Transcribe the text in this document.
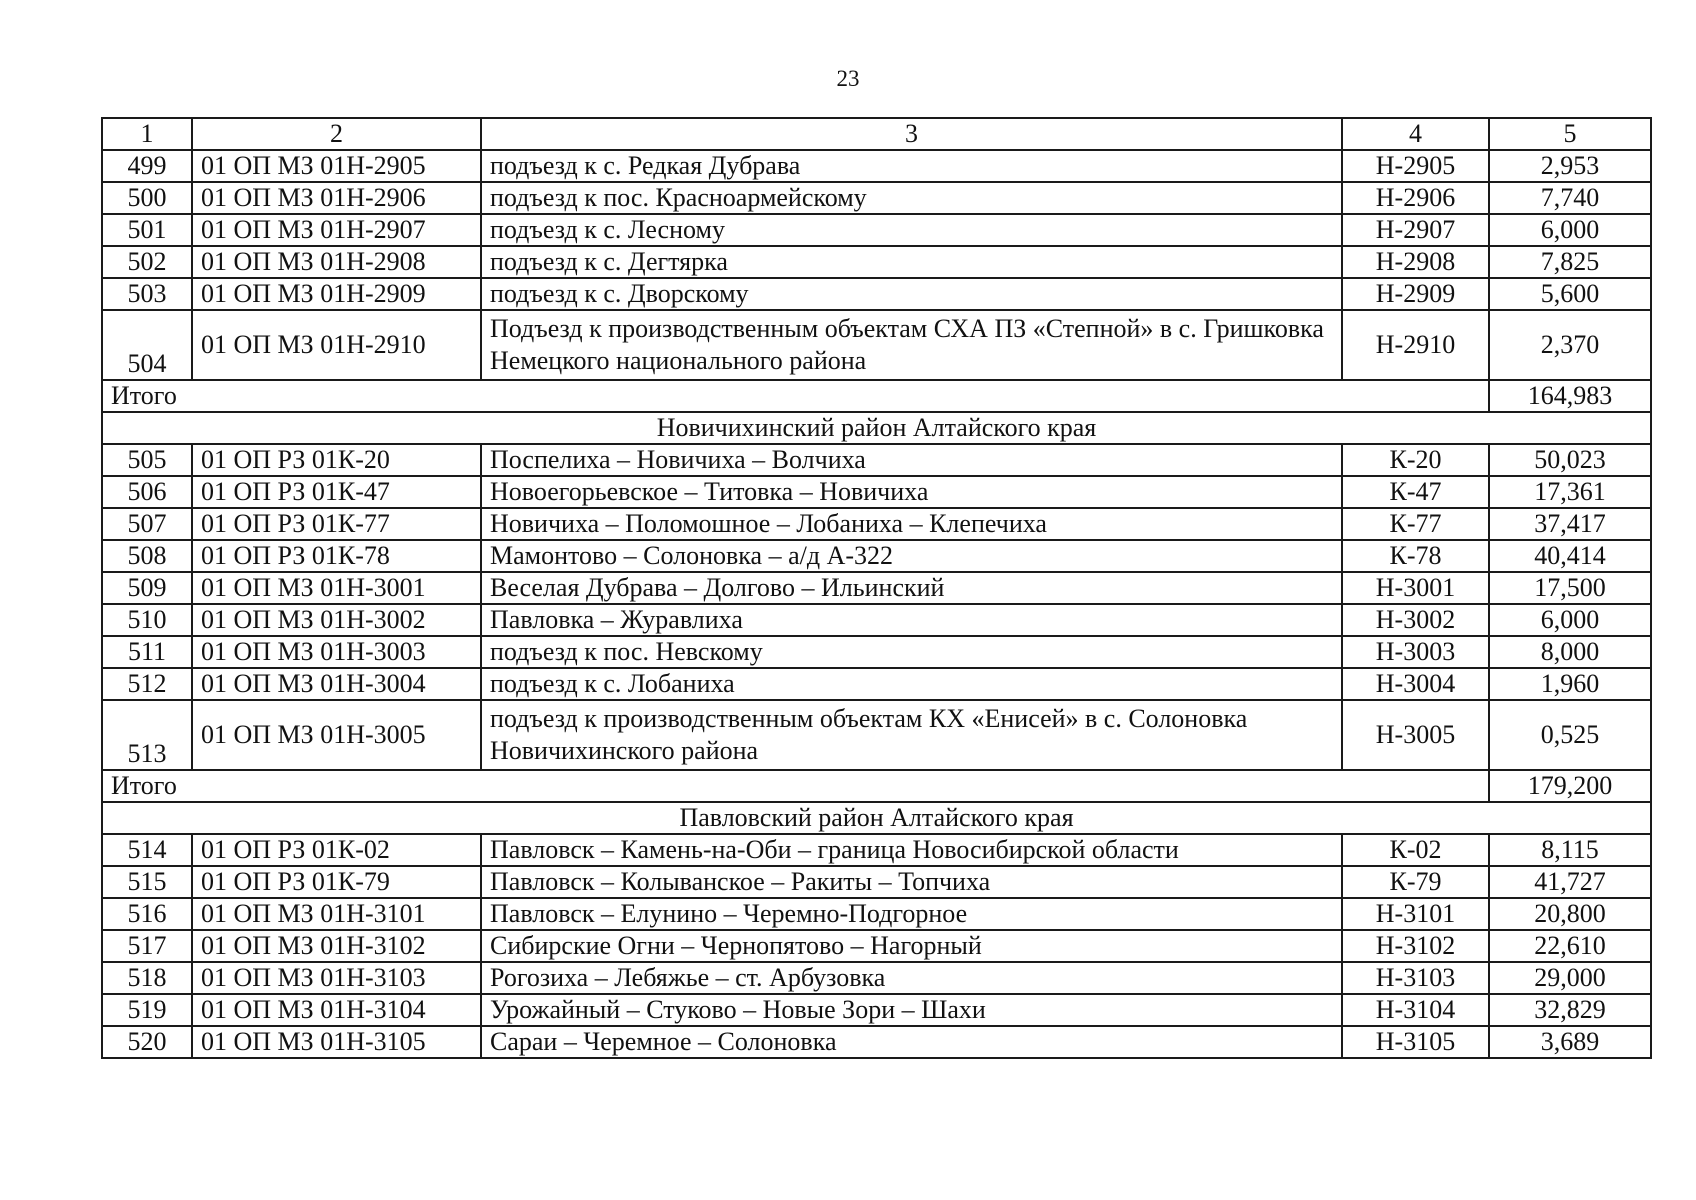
23
1	2	3	4	5
499	01 ОП МЗ 01Н-2905	подъезд к с. Редкая Дубрава	Н-2905	2,953
500	01 ОП МЗ 01Н-2906	подъезд к пос. Красноармейскому	Н-2906	7,740
501	01 ОП МЗ 01Н-2907	подъезд к с. Лесному	Н-2907	6,000
502	01 ОП МЗ 01Н-2908	подъезд к с. Дегтярка	Н-2908	7,825
503	01 ОП МЗ 01Н-2909	подъезд к с. Дворскому	Н-2909	5,600
504	01 ОП МЗ 01Н-2910	Подъезд к производственным объектам СХА ПЗ «Степной» в с. Гришковка Немецкого национального района	Н-2910	2,370
Итого				164,983
Новичихинский район Алтайского края				
505	01 ОП РЗ 01К-20	Поспелиха – Новичиха – Волчиха	К-20	50,023
506	01 ОП РЗ 01К-47	Новоегорьевское – Титовка – Новичиха	К-47	17,361
507	01 ОП РЗ 01К-77	Новичиха – Поломошное – Лобаниха – Клепечиха	К-77	37,417
508	01 ОП РЗ 01К-78	Мамонтово – Солоновка – а/д А-322	К-78	40,414
509	01 ОП МЗ 01Н-3001	Веселая Дубрава – Долгово – Ильинский	Н-3001	17,500
510	01 ОП МЗ 01Н-3002	Павловка – Журавлиха	Н-3002	6,000
511	01 ОП МЗ 01Н-3003	подъезд к пос. Невскому	Н-3003	8,000
512	01 ОП МЗ 01Н-3004	подъезд к с. Лобаниха	Н-3004	1,960
513	01 ОП МЗ 01Н-3005	подъезд к производственным объектам КХ «Енисей» в с. Солоновка Новичихинского района	Н-3005	0,525
Итого				179,200
Павловский район Алтайского края				
514	01 ОП РЗ 01К-02	Павловск – Камень-на-Оби – граница Новосибирской области	К-02	8,115
515	01 ОП РЗ 01К-79	Павловск – Колыванское – Ракиты – Топчиха	К-79	41,727
516	01 ОП МЗ 01Н-3101	Павловск – Елунино – Черемно-Подгорное	Н-3101	20,800
517	01 ОП МЗ 01Н-3102	Сибирские Огни – Чернопятово – Нагорный	Н-3102	22,610
518	01 ОП МЗ 01Н-3103	Рогозиха – Лебяжье – ст. Арбузовка	Н-3103	29,000
519	01 ОП МЗ 01Н-3104	Урожайный – Стуково – Новые Зори – Шахи	Н-3104	32,829
520	01 ОП МЗ 01Н-3105	Сараи – Черемное – Солоновка	Н-3105	3,689
